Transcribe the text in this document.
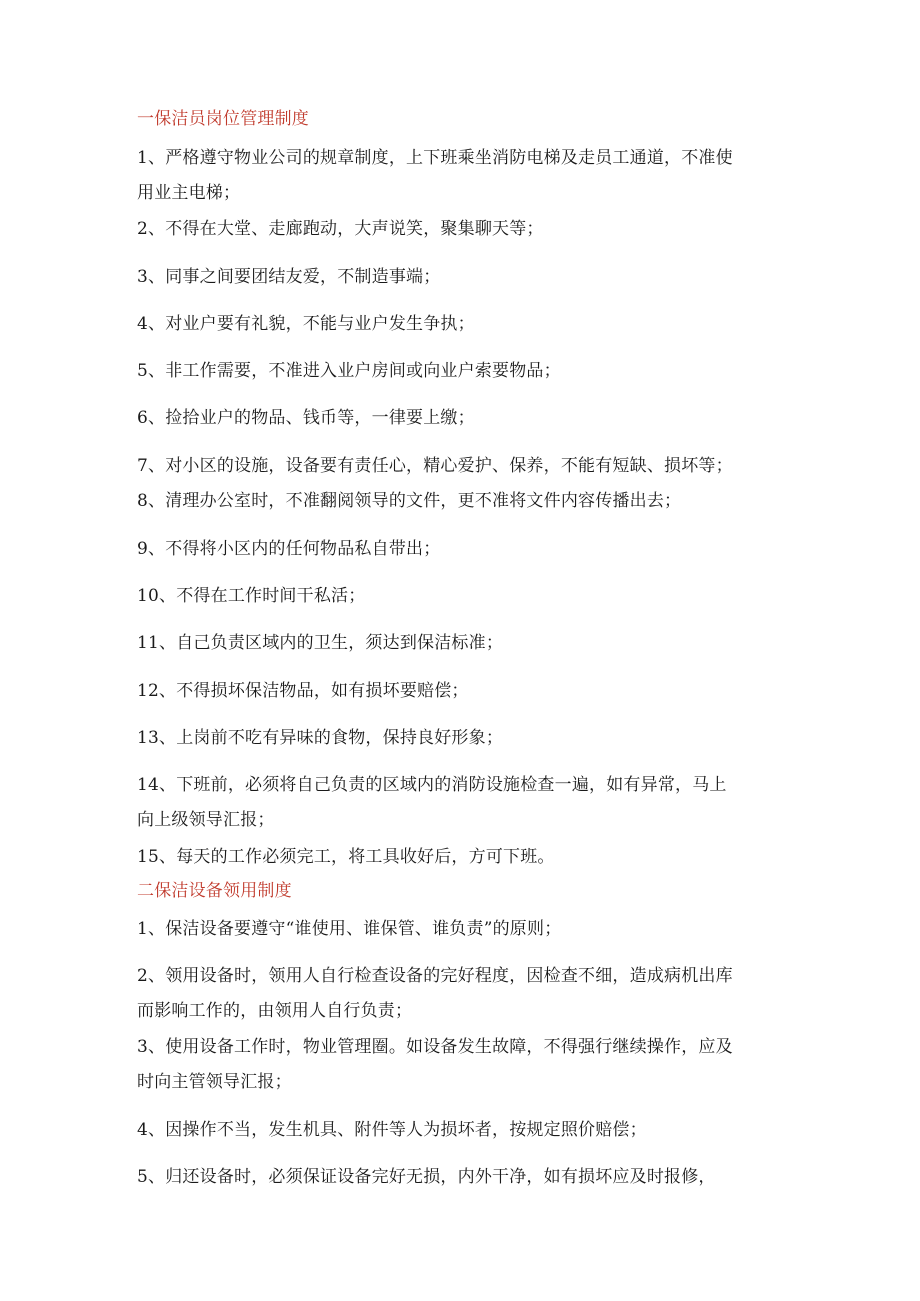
一保洁员岗位管理制度
1、严格遵守物业公司的规章制度，上下班乘坐消防电梯及走员工通道，不准使
用业主电梯；
2、不得在大堂、走廊跑动，大声说笑，聚集聊天等；
3、同事之间要团结友爱，不制造事端；
4、对业户要有礼貌，不能与业户发生争执；
5、非工作需要，不准进入业户房间或向业户索要物品；
6、捡拾业户的物品、钱币等，一律要上缴；
7、对小区的设施，设备要有责任心，精心爱护、保养，不能有短缺、损坏等；
8、清理办公室时，不准翻阅领导的文件，更不准将文件内容传播出去；
9、不得将小区内的任何物品私自带出；
10、不得在工作时间干私活；
11、自己负责区域内的卫生，须达到保洁标准；
12、不得损坏保洁物品，如有损坏要赔偿；
13、上岗前不吃有异味的食物，保持良好形象；
14、下班前，必须将自己负责的区域内的消防设施检查一遍，如有异常，马上
向上级领导汇报；
15、每天的工作必须完工，将工具收好后，方可下班。
二保洁设备领用制度
1、保洁设备要遵守“谁使用、谁保管、谁负责”的原则；
2、领用设备时，领用人自行检查设备的完好程度，因检查不细，造成病机出库
而影响工作的，由领用人自行负责；
3、使用设备工作时，物业管理圈。如设备发生故障，不得强行继续操作，应及
时向主管领导汇报；
4、因操作不当，发生机具、附件等人为损坏者，按规定照价赔偿；
5、归还设备时，必须保证设备完好无损，内外干净，如有损坏应及时报修，
